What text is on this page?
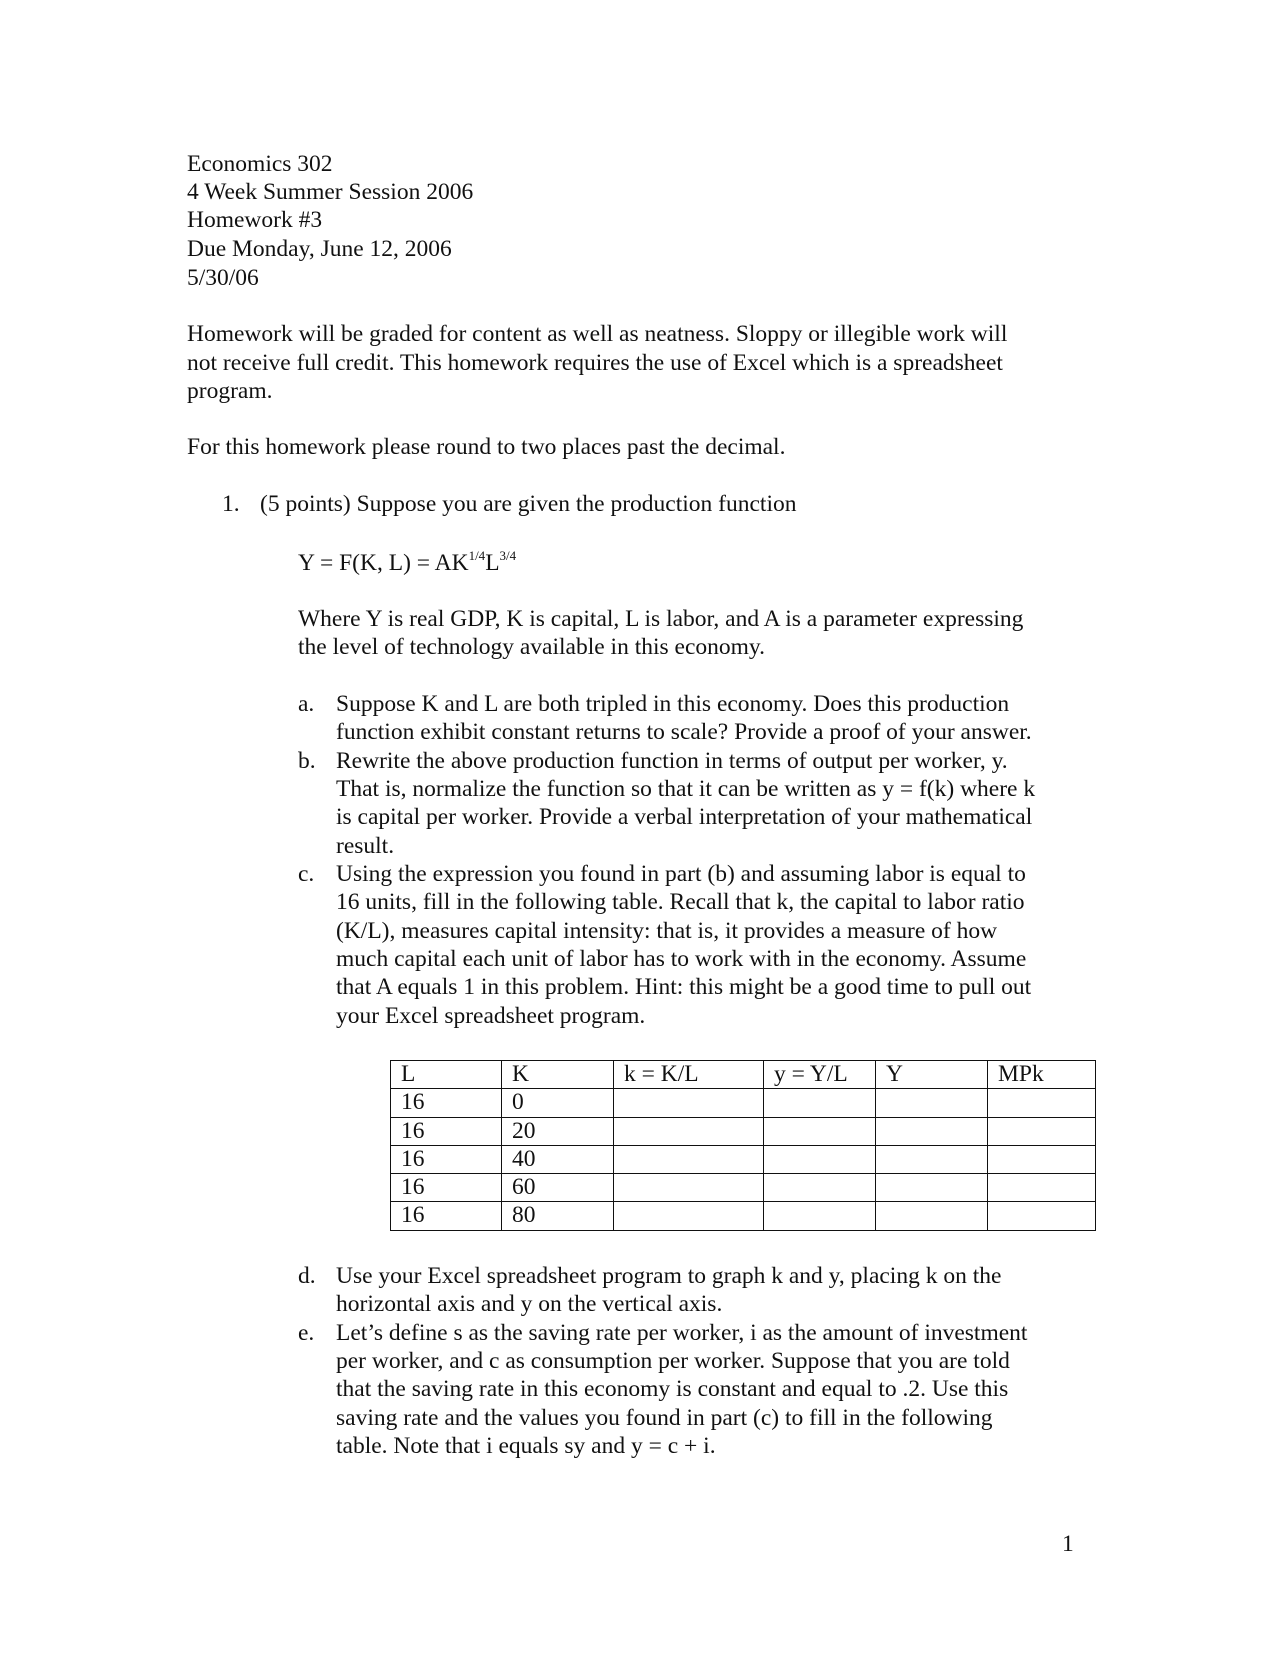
Economics 302

4 Week Summer Session 2006

Homework #3

Due Monday, June 12, 2006

5/30/06

Homework will be graded for content as well as neatness. Sloppy or illegible work will

not receive full credit. This homework requires the use of Excel which is a spreadsheet

program.

For this homework please round to two places past the decimal.

1. (5 points) Suppose you are given the production function

Y = F(K, $L) = AK^{1/4}L^{3/4}$

Where Y is real GDP, K is capital, L is labor, and A is a parameter expressing

the level of technology available in this economy.

a. Suppose K and L are both tripled in this economy. Does this production

function exhibit constant returns to scale? Provide a proof of your answer.

b. Rewrite the above production function in terms of output per worker, y.

That is, normalize the function so that it can be written as y = f(k) where k

is capital per worker. Provide a verbal interpretation of your mathematical

result.

c. Using the expression you found in part (b) and assuming labor is equal to

16 units, fill in the following table. Recall that k, the capital to labor ratio

(K/L), measures capital intensity: that is, it provides a measure of how

much capital each unit of labor has to work with in the economy. Assume

that A equals 1 in this problem. Hint: this might be a good time to pull out

your Excel spreadsheet program.

L	K	k = K/L	y = Y/L	Y	MPk
16	0				
16	20				
16	40				
16	60				
16	80				
d. Use your Excel spreadsheet program to graph k and y, placing k on the

horizontal axis and y on the vertical axis.

e. Let’s define s as the saving rate per worker, i as the amount of investment

per worker, and c as consumption per worker. Suppose that you are told

that the saving rate in this economy is constant and equal to .2. Use this

saving rate and the values you found in part (c) to fill in the following

table. Note that i equals sy and y = c + i.

1
